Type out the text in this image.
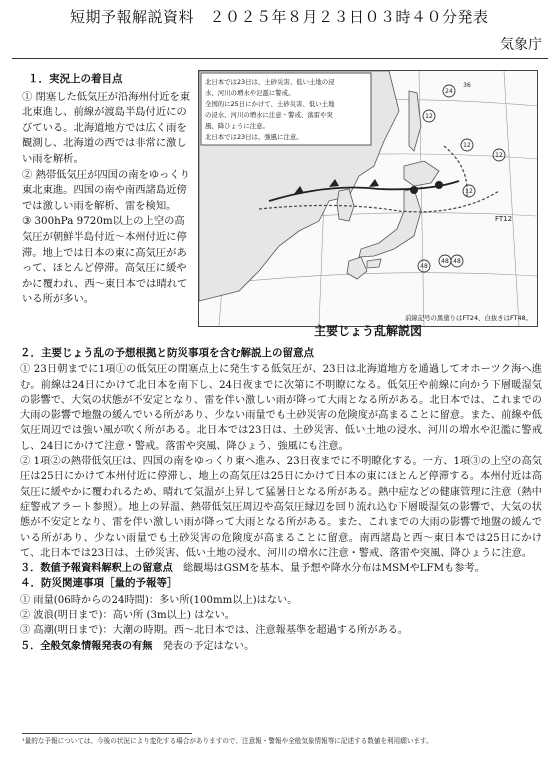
短期予報解説資料　２０２５年８月２３日０３時４０分発表
気象庁
１．実況上の着目点

① 閉塞した低気圧が沿海州付近を東北東進し、前線が渡島半島付近にのびている。北海道地方では広く雨を観測し、北海道の西では非常に激しい雨を解析。

② 熱帯低気圧が四国の南をゆっくり東北東進。四国の南や南西諸島近傍では激しい雨を解析、雷を検知。

③ 300hPa 9720m以上の上空の高気圧が朝鮮半島付近～本州付近に停滞。地上では日本の東に高気圧があって、ほとんど停滞。高気圧に緩やかに覆われ、西～東日本では晴れている所が多い。

12
12
12
24
12
48 48
48
36
FT12
北日本では23日は、土砂災害、低い土地の浸
水、河川の増水や氾濫に警戒。
全国的に25日にかけて、土砂災害、低い土地
の浸水、河川の増水に注意・警戒、落雷や突
風、降ひょうに注意。
北日本では23日は、強風に注意。
前線記号の黒塗りはFT24、白抜きはFT48。
主要じょう乱解説図
２．主要じょう乱の予想根拠と防災事項を含む解説上の留意点

① 23日朝までに1項①の低気圧の閉塞点上に発生する低気圧が、23日は北海道地方を通過してオホーツク海へ進む。前線は24日にかけて北日本を南下し、24日夜までに次第に不明瞭になる。低気圧や前線に向かう下層暖湿気の影響で、大気の状態が不安定となり、雷を伴い激しい雨が降って大雨となる所がある。北日本では、これまでの大雨の影響で地盤の緩んでいる所があり、少ない雨量でも土砂災害の危険度が高まることに留意。また、前線や低気圧周辺では強い風が吹く所がある。北日本では23日は、土砂災害、低い土地の浸水、河川の増水や氾濫に警戒し、24日にかけて注意・警戒。落雷や突風、降ひょう、強風にも注意。

② 1項②の熱帯低気圧は、四国の南をゆっくり東へ進み、23日夜までに不明瞭化する。一方、1項③の上空の高気圧は25日にかけて本州付近に停滞し、地上の高気圧は25日にかけて日本の東にほとんど停滞する。本州付近は高気圧に緩やかに覆われるため、晴れて気温が上昇して猛暑日となる所がある。熱中症などの健康管理に注意（熱中症警戒アラート参照）。地上の昇温、熱帯低気圧周辺や高気圧縁辺を回り流れ込む下層暖湿気の影響で、大気の状態が不安定となり、雷を伴い激しい雨が降って大雨となる所がある。また、これまでの大雨の影響で地盤の緩んでいる所があり、少ない雨量でも土砂災害の危険度が高まることに留意。南西諸島と西～東日本では25日にかけて、北日本では23日は、土砂災害、低い土地の浸水、河川の増水に注意・警戒、落雷や突風、降ひょうに注意。

３．数値予報資料解釈上の留意点　 総観場はGSMを基本、量予想や降水分布はMSMやLFMも参考。

４．防災関連事項［量的予報等］

① 雨量(06時からの24時間)：多い所(100mm以上)はない。

② 波浪(明日まで)：高い所 (3m以上) はない。

③ 高潮(明日まで)：大潮の時期。西～北日本では、注意報基準を超過する所がある。

５．全般気象情報発表の有無　 発表の予定はない。

¹量的な予報については、今後の状況により変化する場合がありますので、注意報・警報や全般気象情報等に記述する数値を利用願います。
